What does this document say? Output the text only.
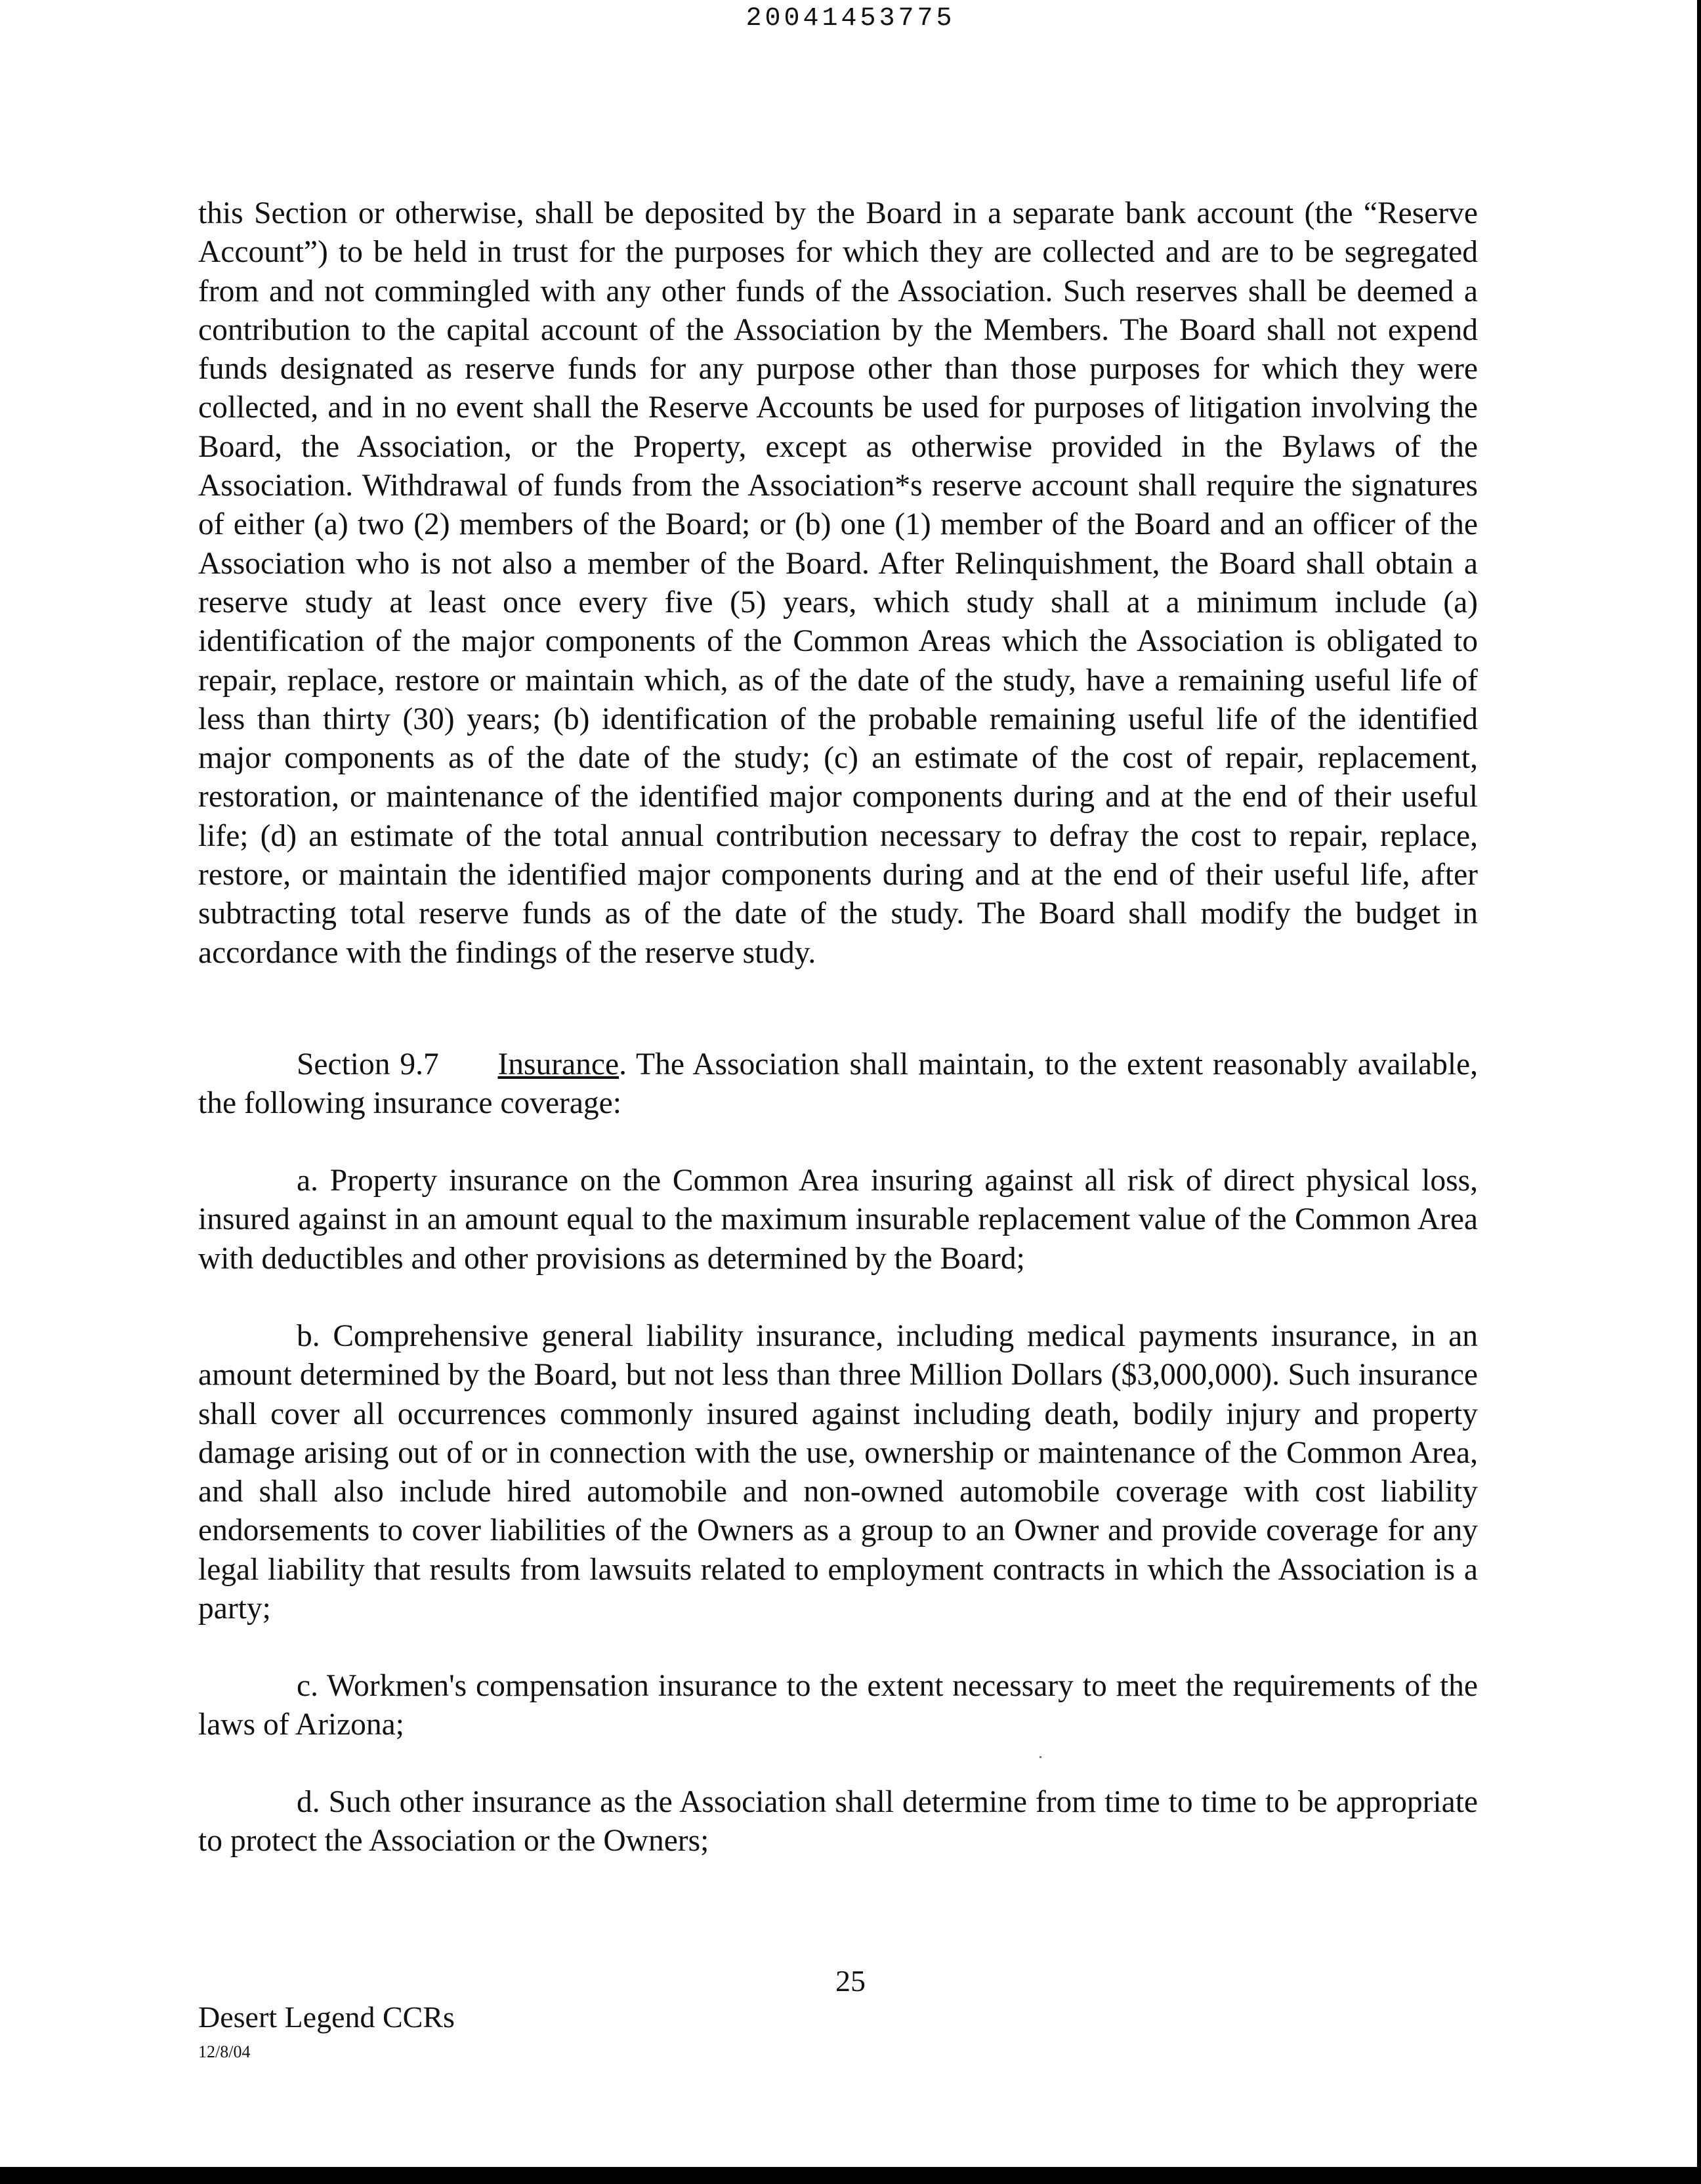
20041453775
this Section or otherwise, shall be deposited by the Board in a separate bank account (the “Reserve Account”) to be held in trust for the purposes for which they are collected and are to be segregated from and not commingled with any other funds of the Association. Such reserves shall be deemed a contribution to the capital account of the Association by the Members. The Board shall not expend funds designated as reserve funds for any purpose other than those purposes for which they were collected, and in no event shall the Reserve Accounts be used for purposes of litigation involving the Board, the Association, or the Property, except as otherwise provided in the Bylaws of the Association. Withdrawal of funds from the Association*s reserve account shall require the signatures of either (a) two (2) members of the Board; or (b) one (1) member of the Board and an officer of the Association who is not also a member of the Board. After Relinquishment, the Board shall obtain a reserve study at least once every five (5) years, which study shall at a minimum include (a) identification of the major components of the Common Areas which the Association is obligated to repair, replace, restore or maintain which, as of the date of the study, have a remaining useful life of less than thirty (30) years; (b) identification of the probable remaining useful life of the identified major components as of the date of the study; (c) an estimate of the cost of repair, replacement, restoration, or maintenance of the identified major components during and at the end of their useful life; (d) an estimate of the total annual contribution necessary to defray the cost to repair, replace, restore, or maintain the identified major components during and at the end of their useful life, after subtracting total reserve funds as of the date of the study. The Board shall modify the budget in accordance with the findings of the reserve study.
Section 9.7 Insurance. The Association shall maintain, to the extent reasonably available, the following insurance coverage:
a. Property insurance on the Common Area insuring against all risk of direct physical loss, insured against in an amount equal to the maximum insurable replacement value of the Common Area with deductibles and other provisions as determined by the Board;
b. Comprehensive general liability insurance, including medical payments insurance, in an amount determined by the Board, but not less than three Million Dollars ($3,000,000). Such insurance shall cover all occurrences commonly insured against including death, bodily injury and property damage arising out of or in connection with the use, ownership or maintenance of the Common Area, and shall also include hired automobile and non-owned automobile coverage with cost liability endorsements to cover liabilities of the Owners as a group to an Owner and provide coverage for any legal liability that results from lawsuits related to employment contracts in which the Association is a party;
c. Workmen's compensation insurance to the extent necessary to meet the requirements of the laws of Arizona;
d. Such other insurance as the Association shall determine from time to time to be appropriate to protect the Association or the Owners;
25
Desert Legend CCRs
12/8/04
